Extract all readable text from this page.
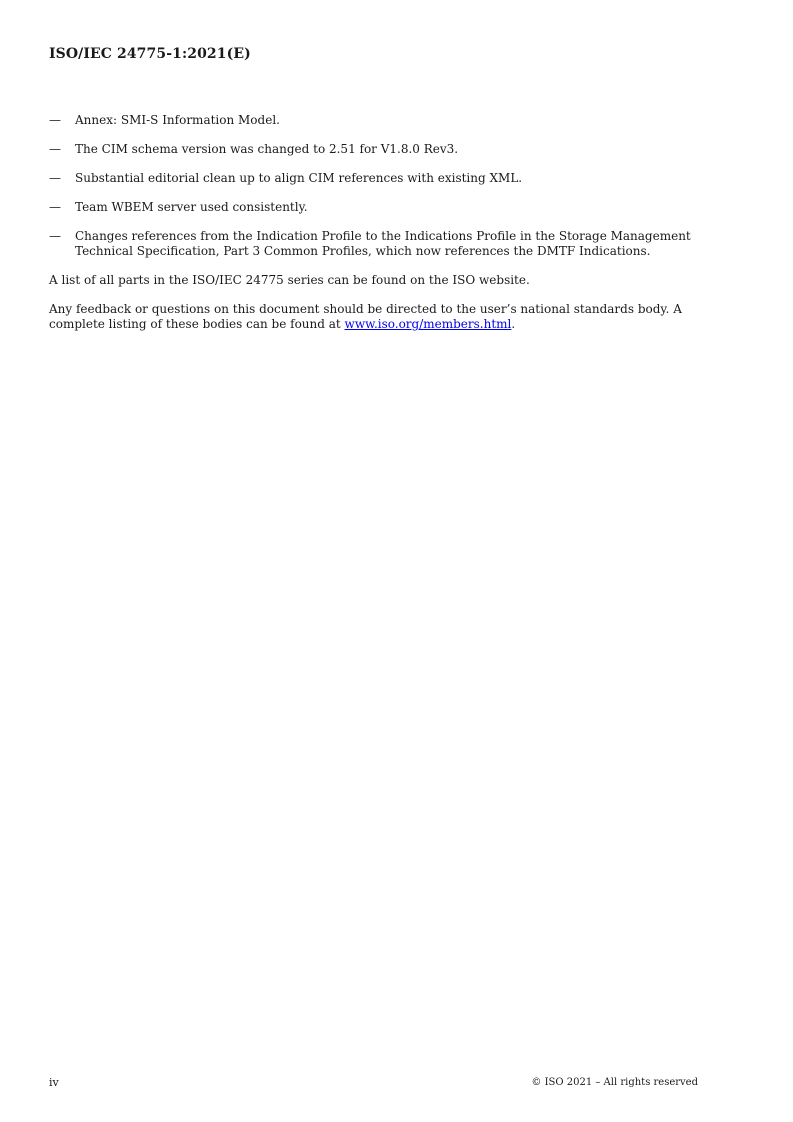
ISO/IEC 24775-1:2021(E)
— Annex: SMI-S Information Model.
— The CIM schema version was changed to 2.51 for V1.8.0 Rev3.
— Substantial editorial clean up to align CIM references with existing XML.
— Team WBEM server used consistently.
— Changes references from the Indication Profile to the Indications Profile in the Storage Management Technical Specification, Part 3 Common Profiles, which now references the DMTF Indications.

A list of all parts in the ISO/IEC 24775 series can be found on the ISO website.

Any feedback or questions on this document should be directed to the user’s national standards body. A complete listing of these bodies can be found at www.iso.org/members.html.

iv	© ISO 2021 – All rights reserved
